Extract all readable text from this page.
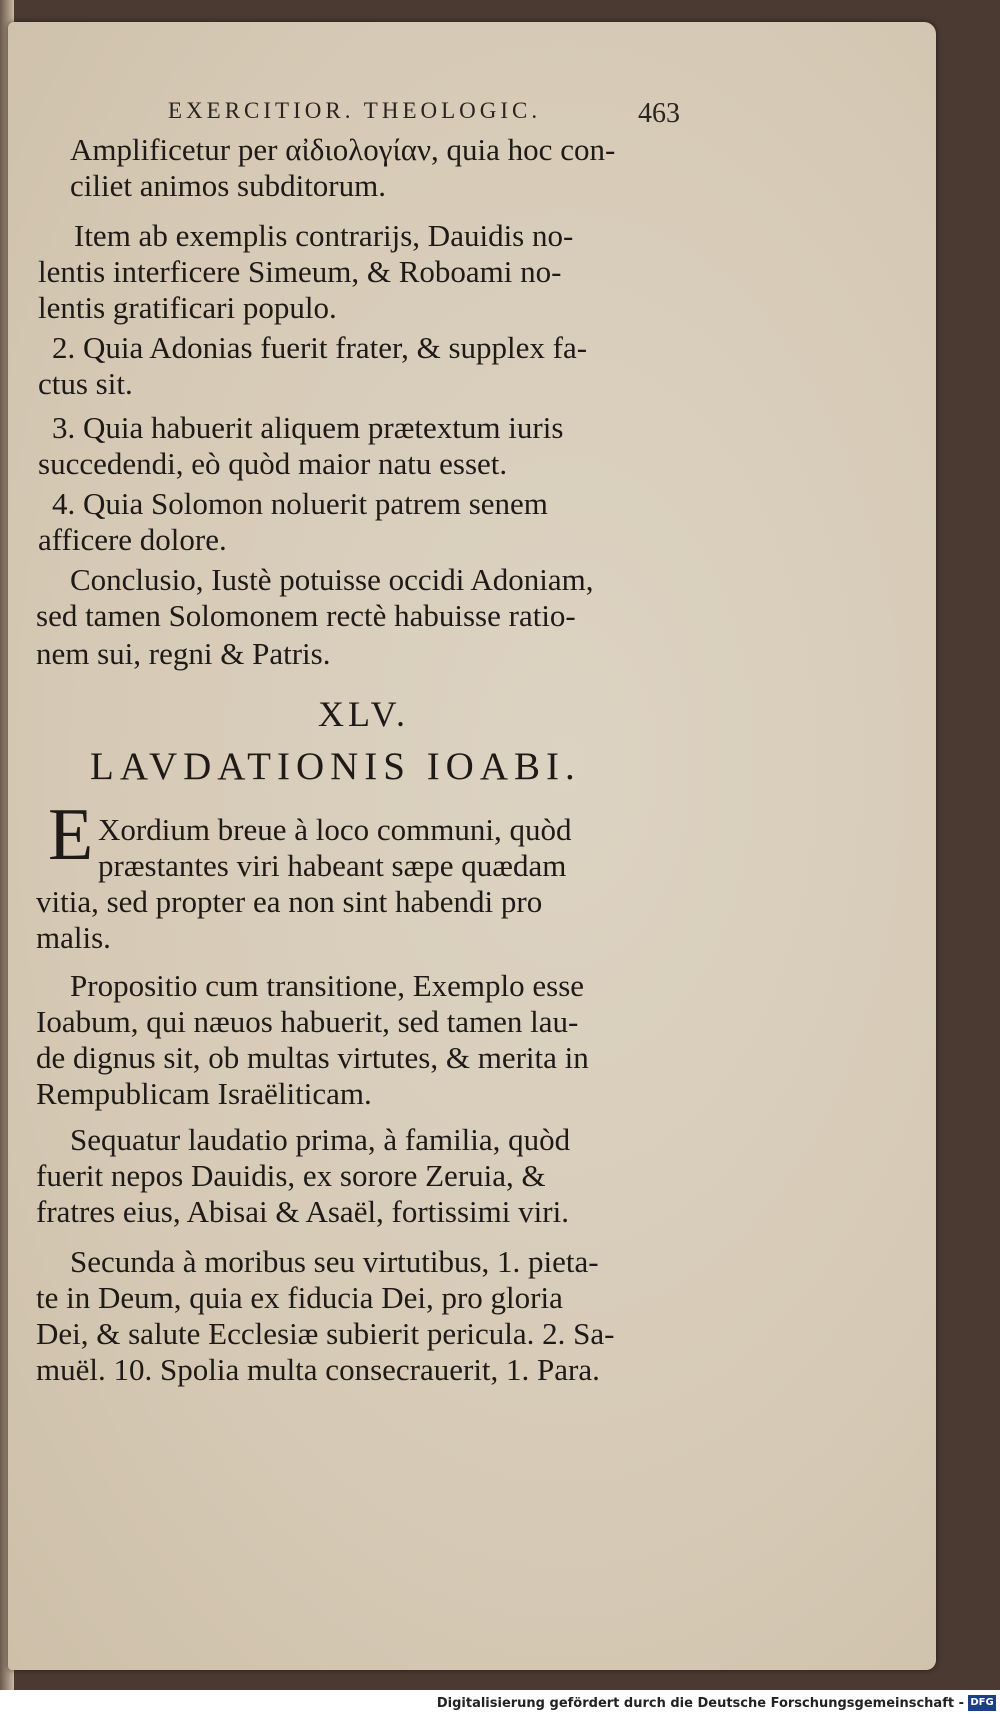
EXERCITIOR. THEOLOGIC.	463
Amplificetur per αἰδιολογίαν, quia hoc con-
ciliet animos subditorum.
Item ab exemplis contrarijs, Dauidis no-
lentis interficere Simeum, & Roboami no-
lentis gratificari populo.
2. Quia Adonias fuerit frater, & supplex fa-
ctus sit.
3. Quia habuerit aliquem prætextum iuris
succedendi, eò quòd maior natu esset.
4. Quia Solomon noluerit patrem senem
afficere dolore.
Conclusio, Iustè potuisse occidi Adoniam,
sed tamen Solomonem rectè habuisse ratio-
nem sui, regni & Patris.
XLV.
LAVDATIONIS IOABI.
E Xordium breue à loco communi, quòd
præstantes viri habeant sæpe quædam
vitia, sed propter ea non sint habendi pro
malis.
Propositio cum transitione, Exemplo esse
Ioabum, qui næuos habuerit, sed tamen lau-
de dignus sit, ob multas virtutes, & merita in
Rempublicam Israëliticam.
Sequatur laudatio prima, à familia, quòd
fuerit nepos Dauidis, ex sorore Zeruia, &
fratres eius, Abisai & Asaël, fortissimi viri.
Secunda à moribus seu virtutibus, 1. pieta-
te in Deum, quia ex fiducia Dei, pro gloria
Dei, & salute Ecclesiæ subierit pericula. 2. Sa-
muël. 10. Spolia multa consecrauerit, 1. Para.
Digitalisierung gefördert durch die Deutsche Forschungsgemeinschaft - DFG
